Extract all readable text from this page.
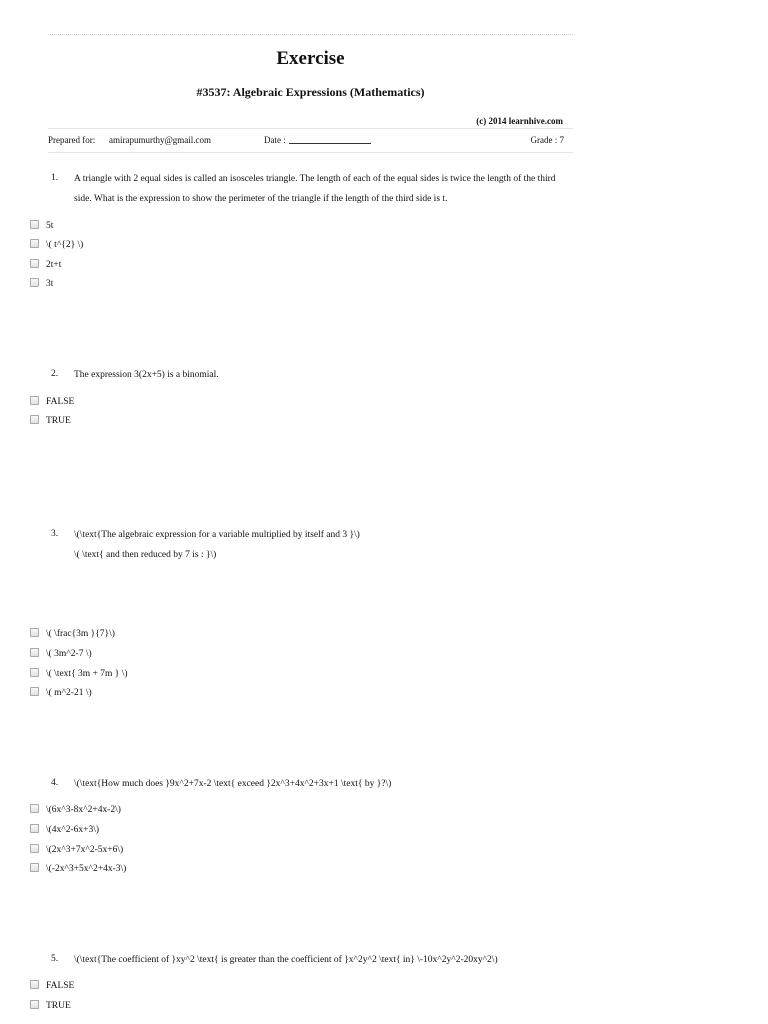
Exercise
#3537: Algebraic Expressions (Mathematics)
(c) 2014 learnhive.com
Prepared for: amirapumurthy@gmail.com	Date :	Grade : 7
1. A triangle with 2 equal sides is called an isosceles triangle. The length of each of the equal sides is twice the length of the third side. What is the expression to show the perimeter of the triangle if the length of the third side is t.
5t
\( t^{2} \)
2t+t
3t
2. The expression 3(2x+5) is a binomial.
FALSE
TRUE
3. \(\text{The algebraic expression for a variable multiplied by itself and 3 }\)
\( \text{ and then reduced by 7 is : }\)
\( \frac{3m }{7}\)
\( 3m^2-7 \)
\( \text{ 3m + 7m } \)
\( m^2-21 \)
4. \(\text{How much does }9x^2+7x-2 \text{ exceed }2x^3+4x^2+3x+1 \text{ by }?\)
\(6x^3-8x^2+4x-2\)
\(4x^2-6x+3\)
\(2x^3+7x^2-5x+6\)
\(-2x^3+5x^2+4x-3\)
5. \(\text{The coefficient of }xy^2 \text{ is greater than the coefficient of }x^2y^2 \text{ in} \-10x^2y^2-20xy^2\)
FALSE
TRUE
